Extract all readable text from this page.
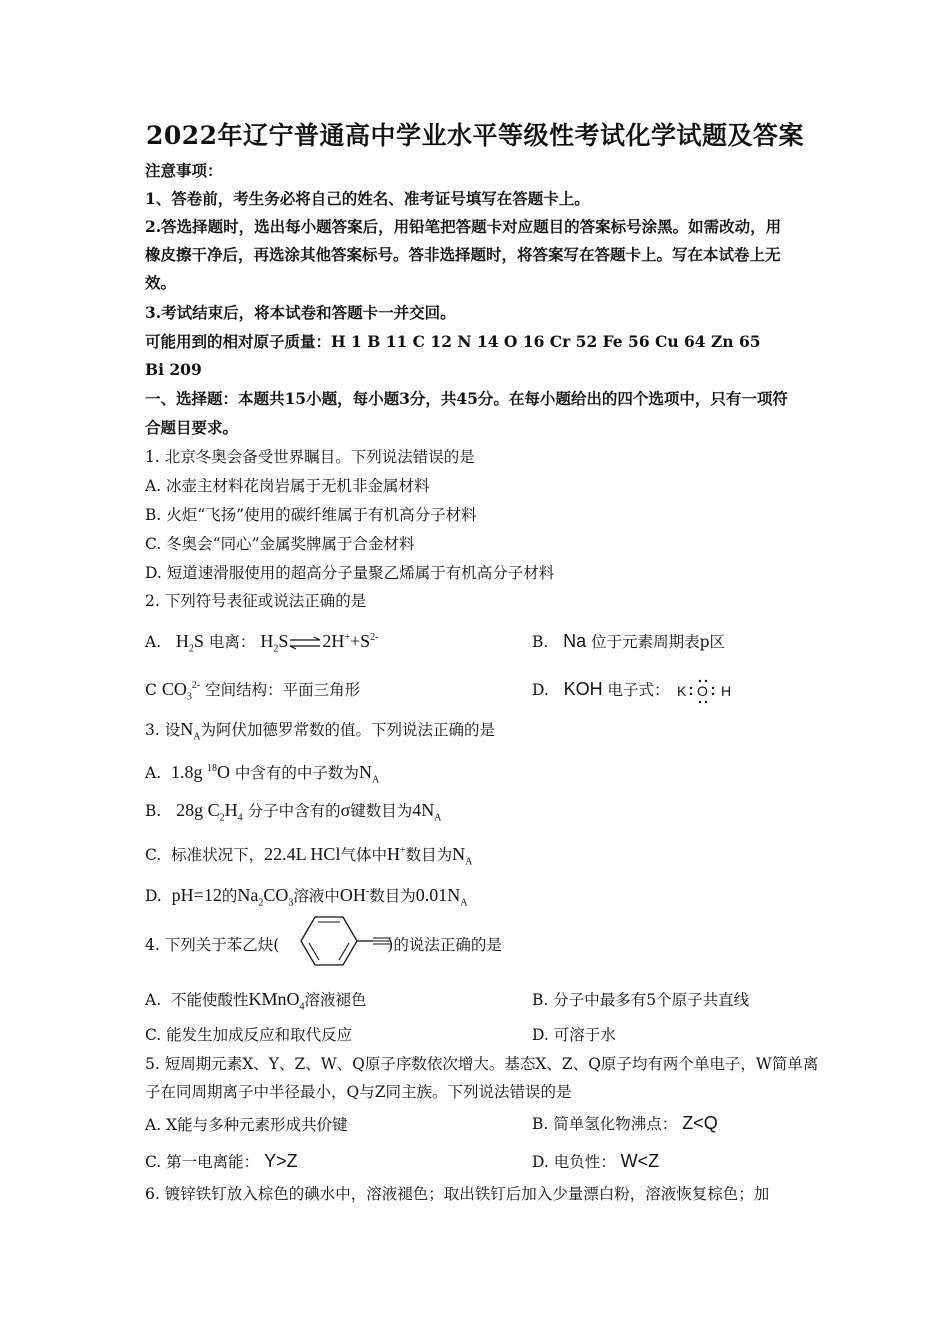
2022年辽宁普通高中学业水平等级性考试化学试题及答案
注意事项：
1、答卷前，考生务必将自己的姓名、准考证号填写在答题卡上。
2.答选择题时，选出每小题答案后，用铅笔把答题卡对应题目的答案标号涂黑。如需改动，用
橡皮擦干净后，再选涂其他答案标号。答非选择题时，将答案写在答题卡上。写在本试卷上无
效。
3.考试结束后，将本试卷和答题卡一并交回。
可能用到的相对原子质量：H 1 B 11 C 12 N 14 O 16 Cr 52 Fe 56 Cu 64 Zn 65
Bi 209
一、选择题：本题共15小题，每小题3分，共45分。在每小题给出的四个选项中，只有一项符
合题目要求。
1. 北京冬奥会备受世界瞩目。下列说法错误的是
A. 冰壶主材料花岗岩属于无机非金属材料
B. 火炬“飞扬”使用的碳纤维属于有机高分子材料
C. 冬奥会“同心”金属奖牌属于合金材料
D. 短道速滑服使用的超高分子量聚乙烯属于有机高分子材料
2. 下列符号表征或说法正确的是
A. $H_2S$ 电离： $H_2S\rightleftharpoons 2H^++S^{2-}$	B. Na 位于元素周期表p区
C $CO_3^{2-}$ 空间结构：平面三角形	D. KOH 电子式： K O H
3. 设$N_A$为阿伏加德罗常数的值。下列说法正确的是
A. 1.8g $^{18}$O 中含有的中子数为$N_A$
B. 28g $C_2H_4$ 分子中含有的σ键数目为$4N_A$
C. 标准状况下，22.4L HCl气体中H+数目为$N_A$
D. pH=12的$Na_2CO_3$溶液中OH-数目为$0.01N_A$
4. 下列关于苯乙炔(	)的说法正确的是
A. 不能使酸性KMnO$_4$溶液褪色	B. 分子中最多有5个原子共直线
C. 能发生加成反应和取代反应	D. 可溶于水
5. 短周期元素X、Y、Z、W、Q原子序数依次增大。基态X、Z、Q原子均有两个单电子，W简单离
子在同周期离子中半径最小，Q与Z同主族。下列说法错误的是
A. X能与多种元素形成共价键	B. 简单氢化物沸点： Z<Q
C. 第一电离能： Y>Z	D. 电负性： W<Z
6. 镀锌铁钉放入棕色的碘水中，溶液褪色；取出铁钉后加入少量漂白粉，溶液恢复棕色；加
